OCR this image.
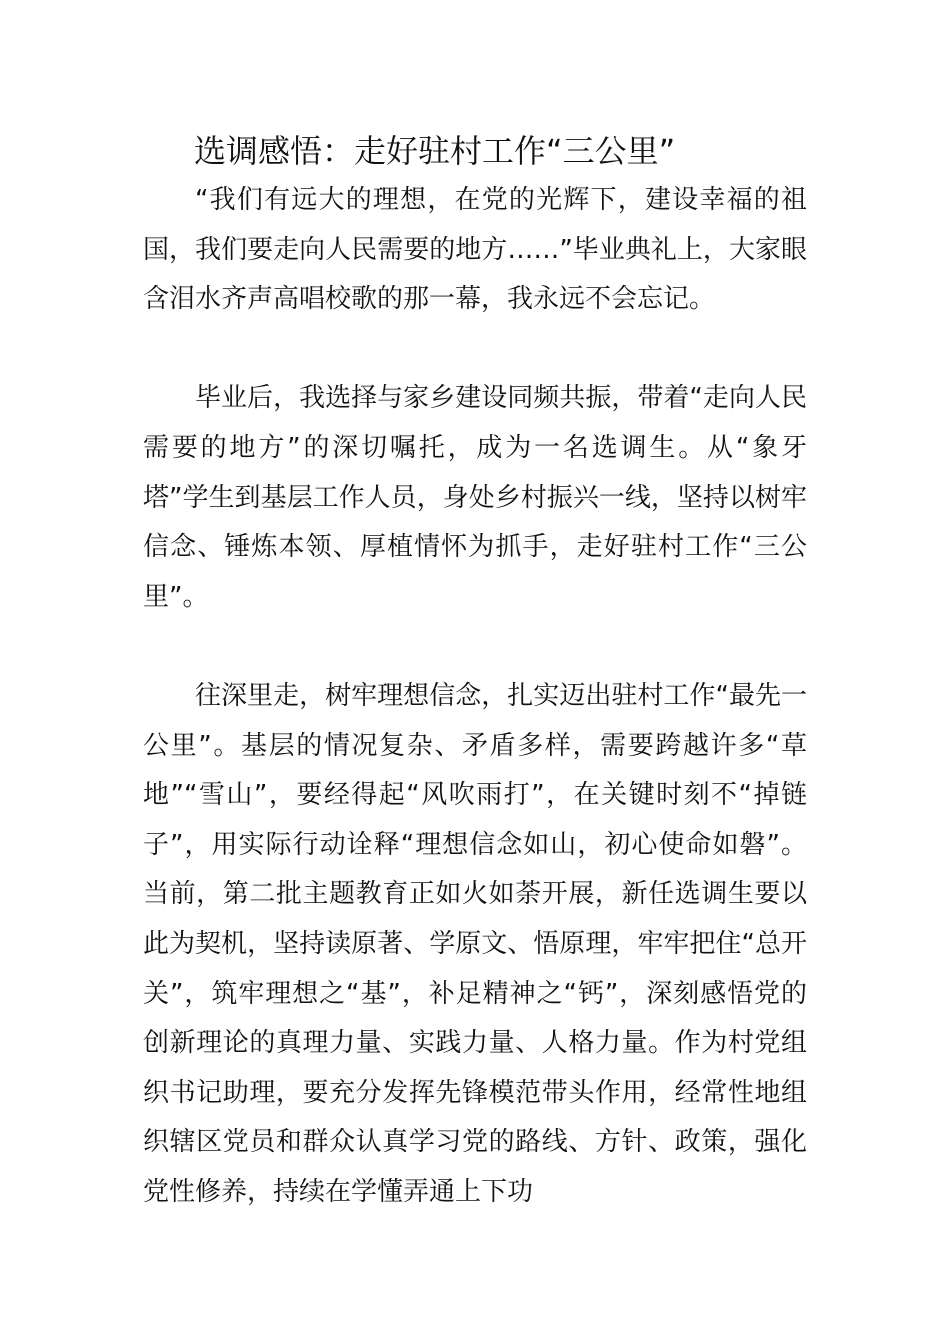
选调感悟：走好驻村工作“三公里”

“我们有远大的理想，在党的光辉下，建设幸福的祖国，我们要走向人民需要的地方……”毕业典礼上，大家眼含泪水齐声高唱校歌的那一幕，我永远不会忘记。

毕业后，我选择与家乡建设同频共振，带着“走向人民需要的地方”的深切嘱托，成为一名选调生。从“象牙塔”学生到基层工作人员，身处乡村振兴一线，坚持以树牢信念、锤炼本领、厚植情怀为抓手，走好驻村工作“三公里”。

往深里走，树牢理想信念，扎实迈出驻村工作“最先一公里”。基层的情况复杂、矛盾多样，需要跨越许多“草地”“雪山”，要经得起“风吹雨打”，在关键时刻不“掉链子”，用实际行动诠释“理想信念如山，初心使命如磐”。当前，第二批主题教育正如火如荼开展，新任选调生要以此为契机，坚持读原著、学原文、悟原理，牢牢把住“总开关”，筑牢理想之“基”，补足精神之“钙”，深刻感悟党的创新理论的真理力量、实践力量、人格力量。作为村党组织书记助理，要充分发挥先锋模范带头作用，经常性地组织辖区党员和群众认真学习党的路线、方针、政策，强化党性修养，持续在学懂弄通上下功
